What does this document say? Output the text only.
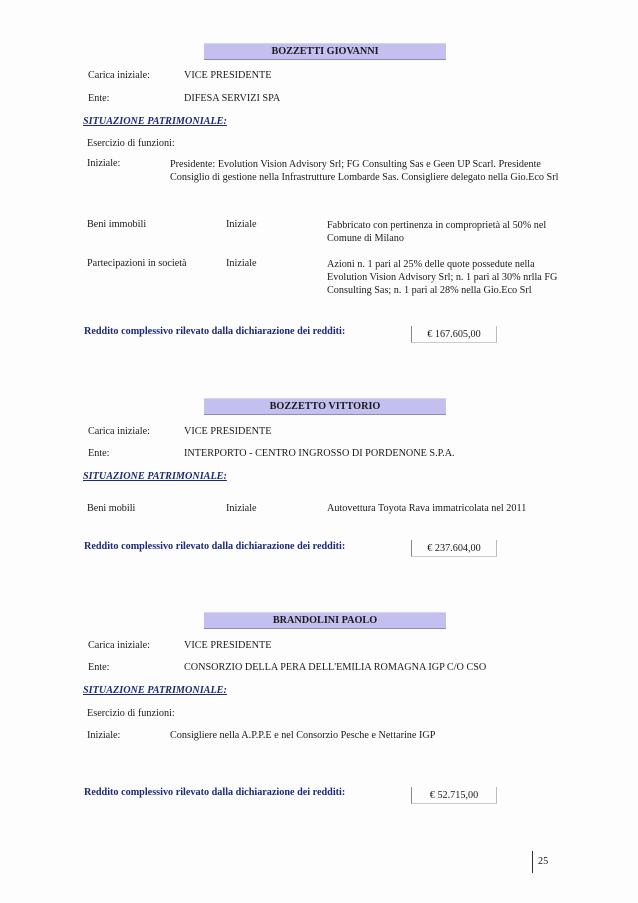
BOZZETTI GIOVANNI
Carica iniziale:	VICE PRESIDENTE
Ente:	DIFESA SERVIZI SPA
SITUAZIONE PATRIMONIALE:
Esercizio di funzioni:
Iniziale:	Presidente: Evolution Vision Advisory Srl; FG Consulting Sas e Geen UP Scarl. Presidente Consiglio di gestione nella Infrastrutture Lombarde Sas. Consigliere delegato nella Gio.Eco Srl
Beni immobili	Iniziale	Fabbricato con pertinenza in comproprietà al 50% nel Comune di Milano
Partecipazioni in società	Iniziale	Azioni n. 1 pari al 25% delle quote possedute nella Evolution Vision Advisory Srl; n. 1 pari al 30% nrlla FG Consulting Sas; n. 1 pari al 28% nella Gio.Eco Srl
Reddito complessivo rilevato dalla dichiarazione dei redditi:	€ 167.605,00
BOZZETTO VITTORIO
Carica iniziale:	VICE PRESIDENTE
Ente:	INTERPORTO - CENTRO INGROSSO DI PORDENONE S.P.A.
SITUAZIONE PATRIMONIALE:
Beni mobili	Iniziale	Autovettura Toyota Rava immatricolata nel 2011
Reddito complessivo rilevato dalla dichiarazione dei redditi:	€ 237.604,00
BRANDOLINI PAOLO
Carica iniziale:	VICE PRESIDENTE
Ente:	CONSORZIO DELLA PERA DELL'EMILIA ROMAGNA IGP C/O CSO
SITUAZIONE PATRIMONIALE:
Esercizio di funzioni:
Iniziale:	Consigliere nella A.P.P.E e nel Consorzio Pesche e Nettarine IGP
Reddito complessivo rilevato dalla dichiarazione dei redditi:	€ 52.715,00
25
